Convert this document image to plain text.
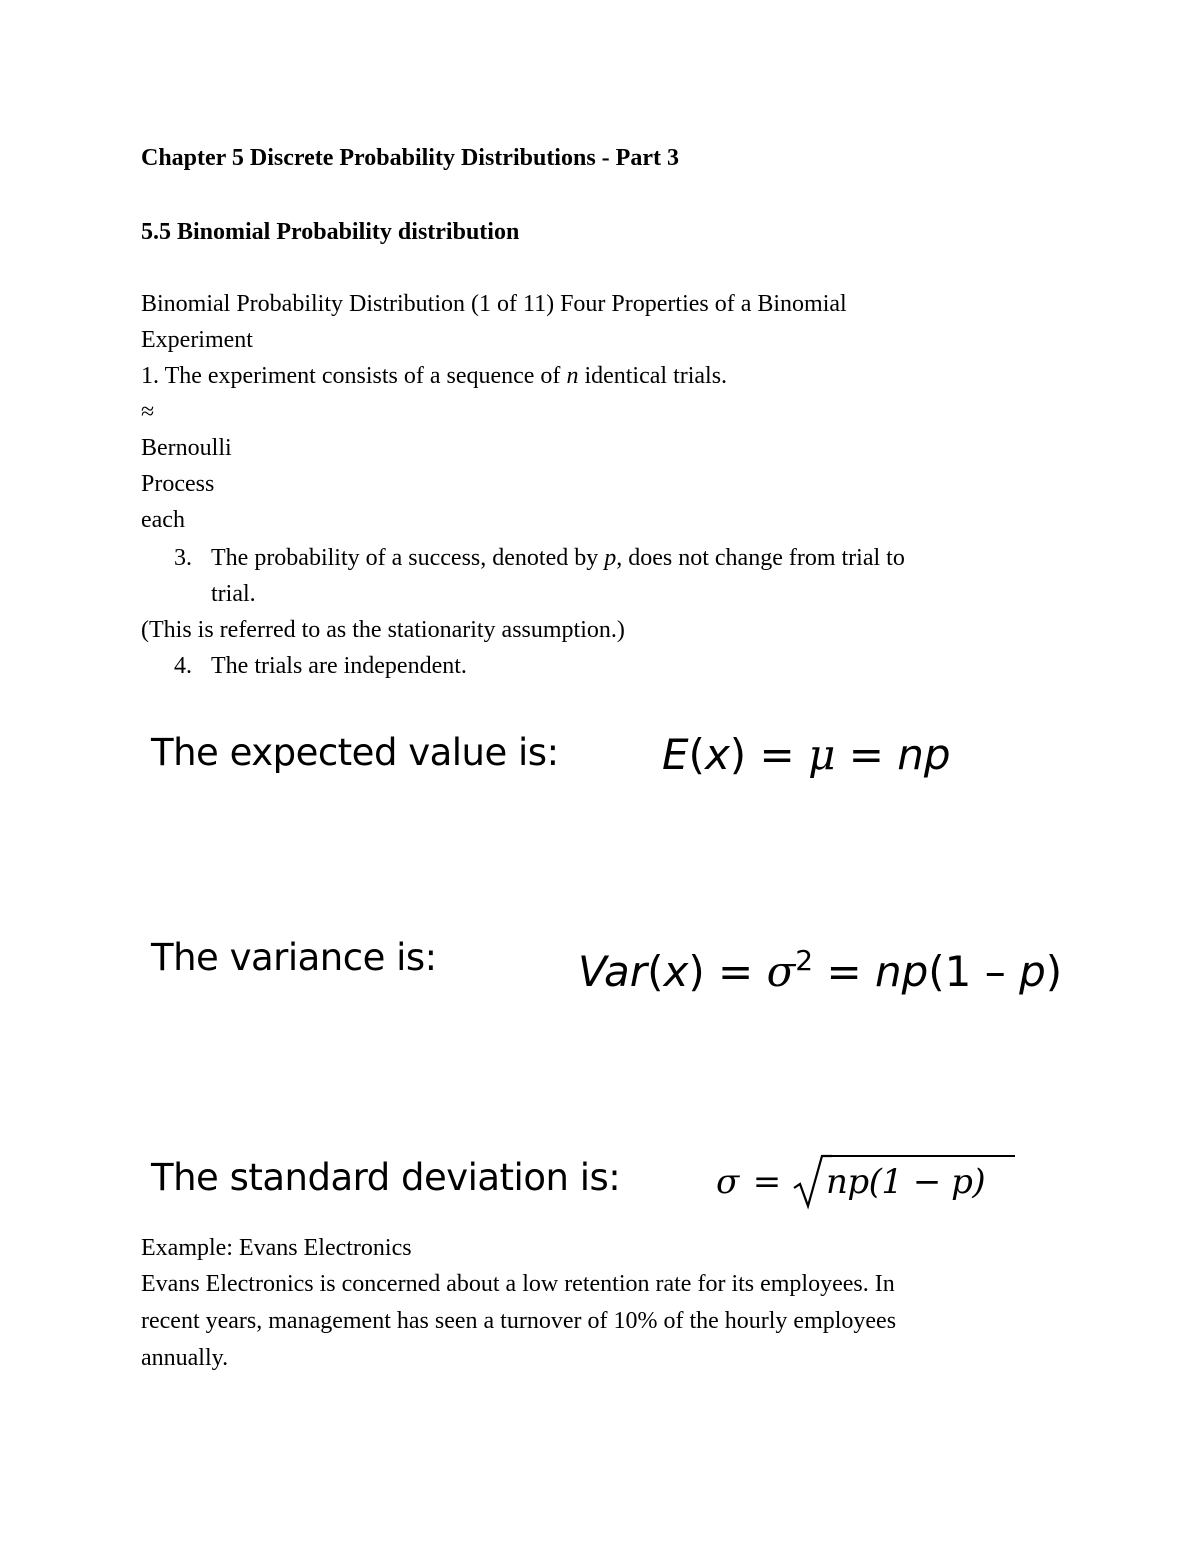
Chapter 5 Discrete Probability Distributions - Part 3
5.5 Binomial Probability distribution
Binomial Probability Distribution (1 of 11) Four Properties of a Binomial
Experiment
1. The experiment consists of a sequence of n identical trials.
≈
Bernoulli
Process
each
3. The probability of a success, denoted by p, does not change from trial to
trial.
(This is referred to as the stationarity assumption.)
4. The trials are independent.
The expected value is: E(x) = μ = np
The variance is:	$Var(x) = \sigma^2 = np(1 - p)$
The standard deviation is:	σ = np(1 − p)
Example: Evans Electronics
Evans Electronics is concerned about a low retention rate for its employees. In
recent years, management has seen a turnover of 10% of the hourly employees
annually.
